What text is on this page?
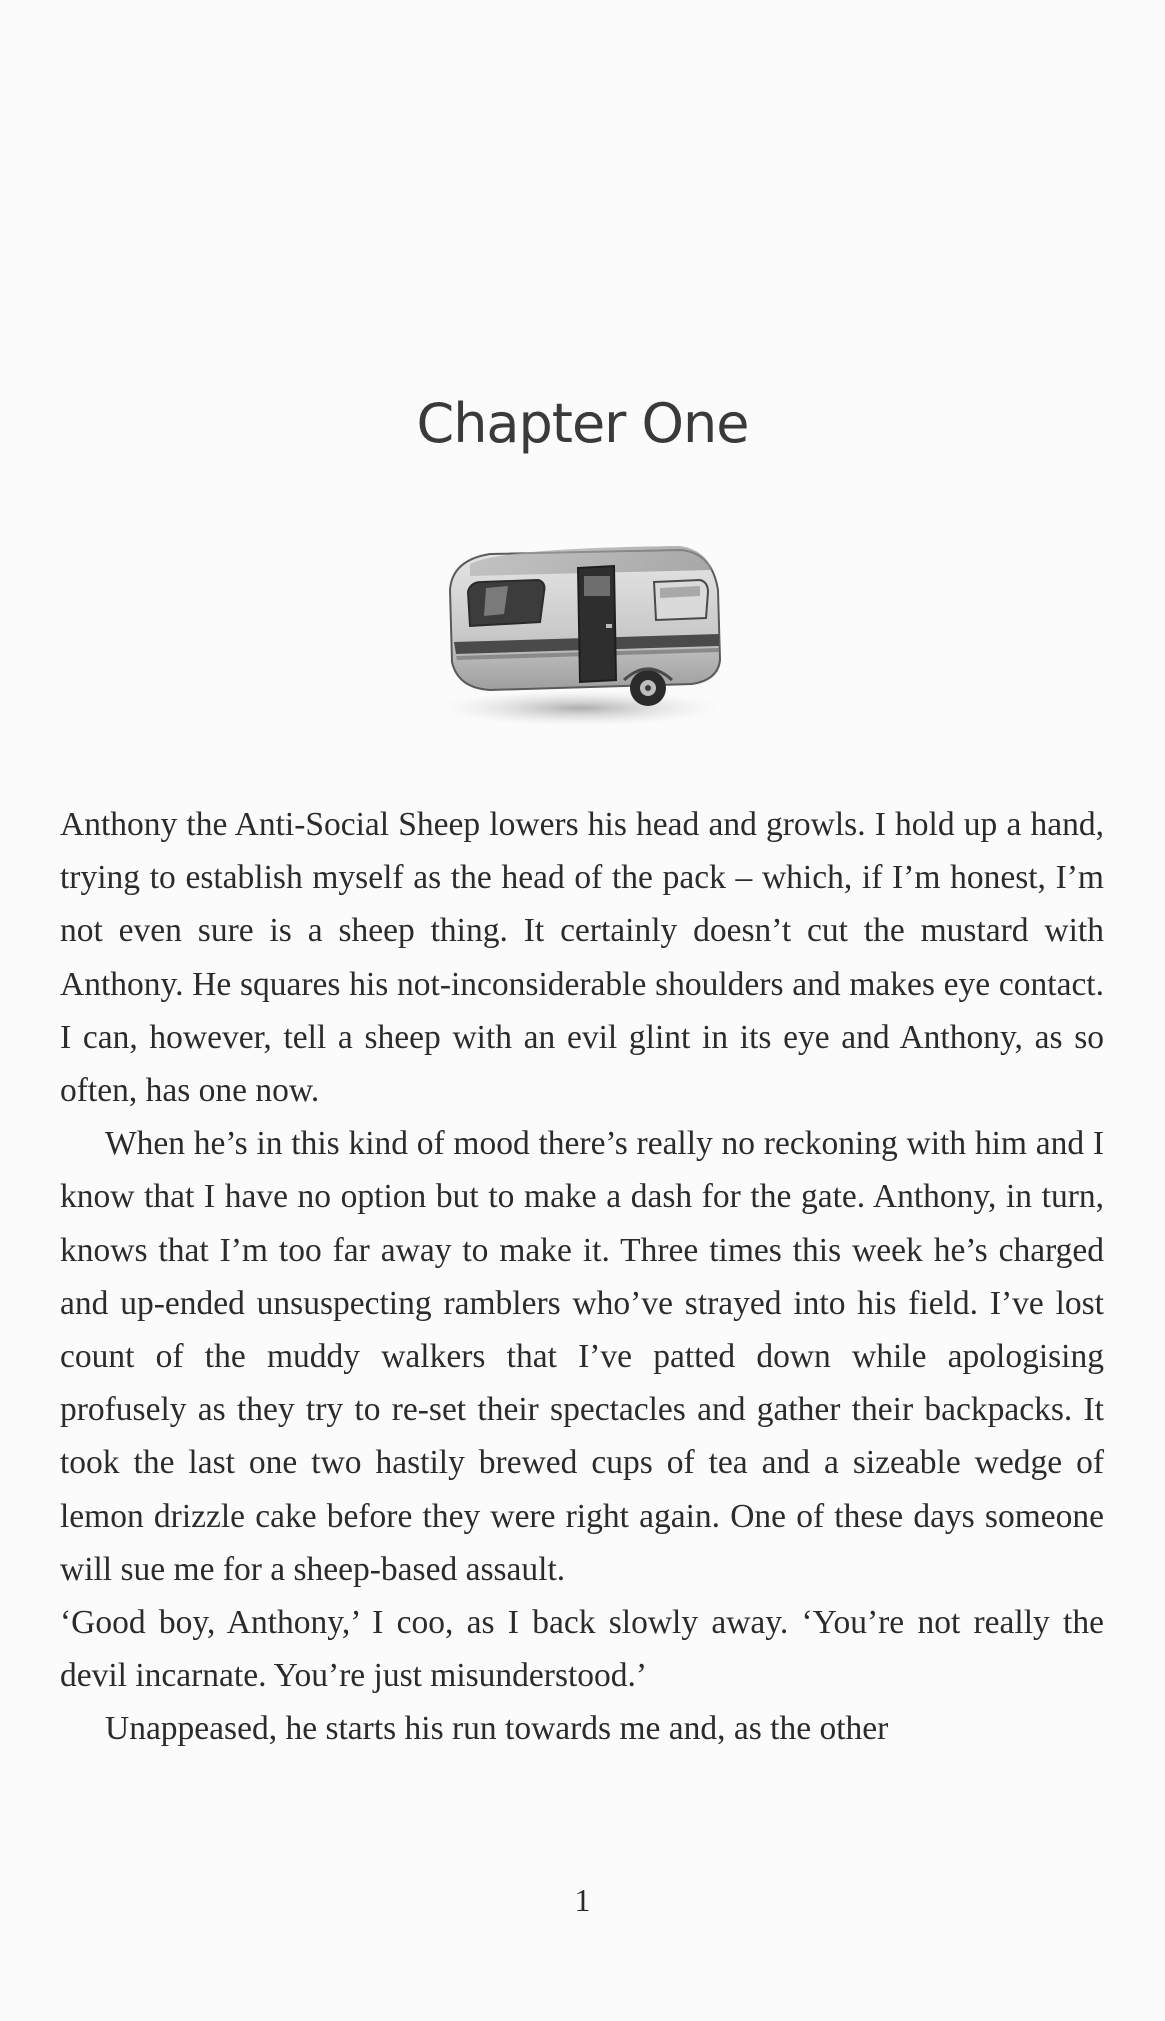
Chapter One

Anthony the Anti-Social Sheep lowers his head and growls. I hold up a hand, trying to establish myself as the head of the pack – which, if I’m honest, I’m not even sure is a sheep thing. It certainly doesn’t cut the mustard with Anthony. He squares his not-inconsiderable shoulders and makes eye contact. I can, however, tell a sheep with an evil glint in its eye and Anthony, as so often, has one now.

When he’s in this kind of mood there’s really no reckoning with him and I know that I have no option but to make a dash for the gate. Anthony, in turn, knows that I’m too far away to make it. Three times this week he’s charged and up-ended unsuspecting ramblers who’ve strayed into his field. I’ve lost count of the muddy walkers that I’ve patted down while apologising profusely as they try to re-set their spectacles and gather their backpacks. It took the last one two hastily brewed cups of tea and a sizeable wedge of lemon drizzle cake before they were right again. One of these days someone will sue me for a sheep-based assault.

‘Good boy, Anthony,’ I coo, as I back slowly away. ‘You’re not really the devil incarnate. You’re just misunderstood.’

Unappeased, he starts his run towards me and, as the other

1
